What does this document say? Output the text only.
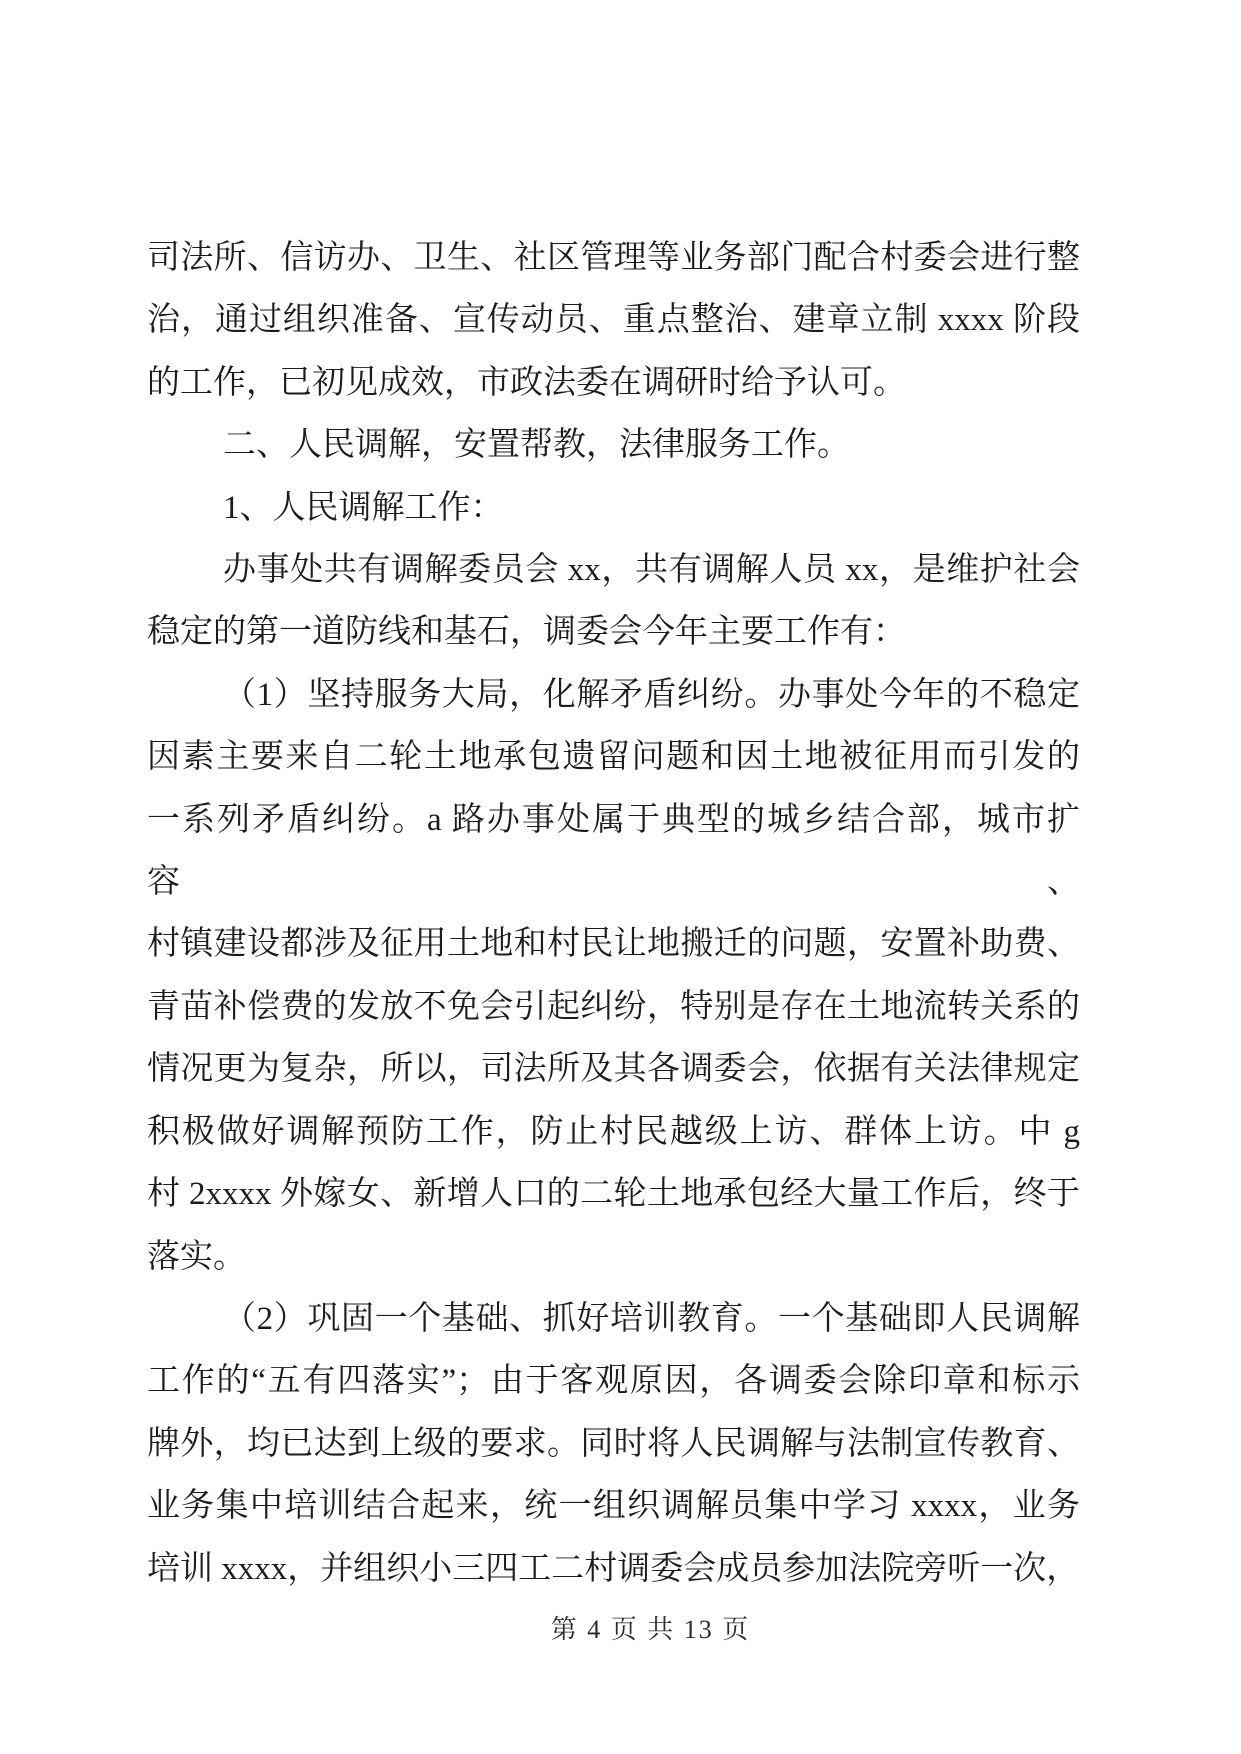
司法所、信访办、卫生、社区管理等业务部门配合村委会进行整
治，通过组织准备、宣传动员、重点整治、建章立制 xxxx 阶段
的工作，已初见成效，市政法委在调研时给予认可。
二、人民调解，安置帮教，法律服务工作。
1、人民调解工作：
办事处共有调解委员会 xx，共有调解人员 xx，是维护社会
稳定的第一道防线和基石，调委会今年主要工作有：
（1）坚持服务大局，化解矛盾纠纷。办事处今年的不稳定
因素主要来自二轮土地承包遗留问题和因土地被征用而引发的
一系列矛盾纠纷。a 路办事处属于典型的城乡结合部，城市扩容、
村镇建设都涉及征用土地和村民让地搬迁的问题，安置补助费、
青苗补偿费的发放不免会引起纠纷，特别是存在土地流转关系的
情况更为复杂，所以，司法所及其各调委会，依据有关法律规定
积极做好调解预防工作，防止村民越级上访、群体上访。中 g
村 2xxxx 外嫁女、新增人口的二轮土地承包经大量工作后，终于
落实。
（2）巩固一个基础、抓好培训教育。一个基础即人民调解
工作的“五有四落实”；由于客观原因，各调委会除印章和标示
牌外，均已达到上级的要求。同时将人民调解与法制宣传教育、
业务集中培训结合起来，统一组织调解员集中学习 xxxx，业务
培训 xxxx，并组织小三四工二村调委会成员参加法院旁听一次，
第 4 页 共 13 页
